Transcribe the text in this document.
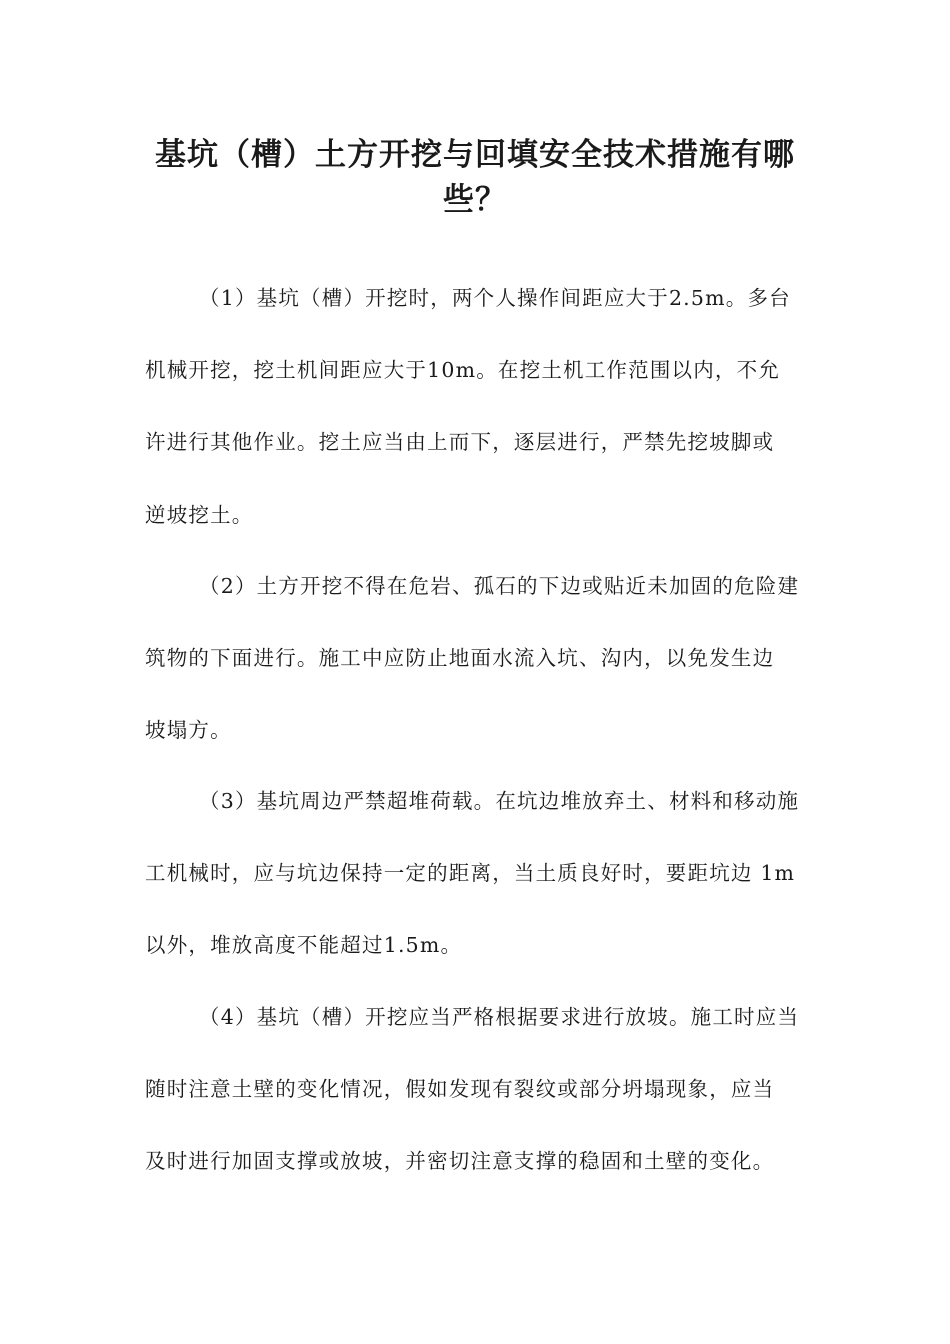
基坑（槽）土方开挖与回填安全技术措施有哪
些？

（1）基坑（槽）开挖时，两个人操作间距应大于2.5m。多台

机械开挖，挖土机间距应大于10m。在挖土机工作范围以内，不允

许进行其他作业。挖土应当由上而下，逐层进行，严禁先挖坡脚或

逆坡挖土。

（2）土方开挖不得在危岩、孤石的下边或贴近未加固的危险建

筑物的下面进行。施工中应防止地面水流入坑、沟内，以免发生边

坡塌方。

（3）基坑周边严禁超堆荷载。在坑边堆放弃土、材料和移动施

工机械时，应与坑边保持一定的距离，当土质良好时，要距坑边 1m

以外，堆放高度不能超过1.5m。

（4）基坑（槽）开挖应当严格根据要求进行放坡。施工时应当

随时注意土壁的变化情况，假如发现有裂纹或部分坍塌现象，应当

及时进行加固支撑或放坡，并密切注意支撑的稳固和土壁的变化。
